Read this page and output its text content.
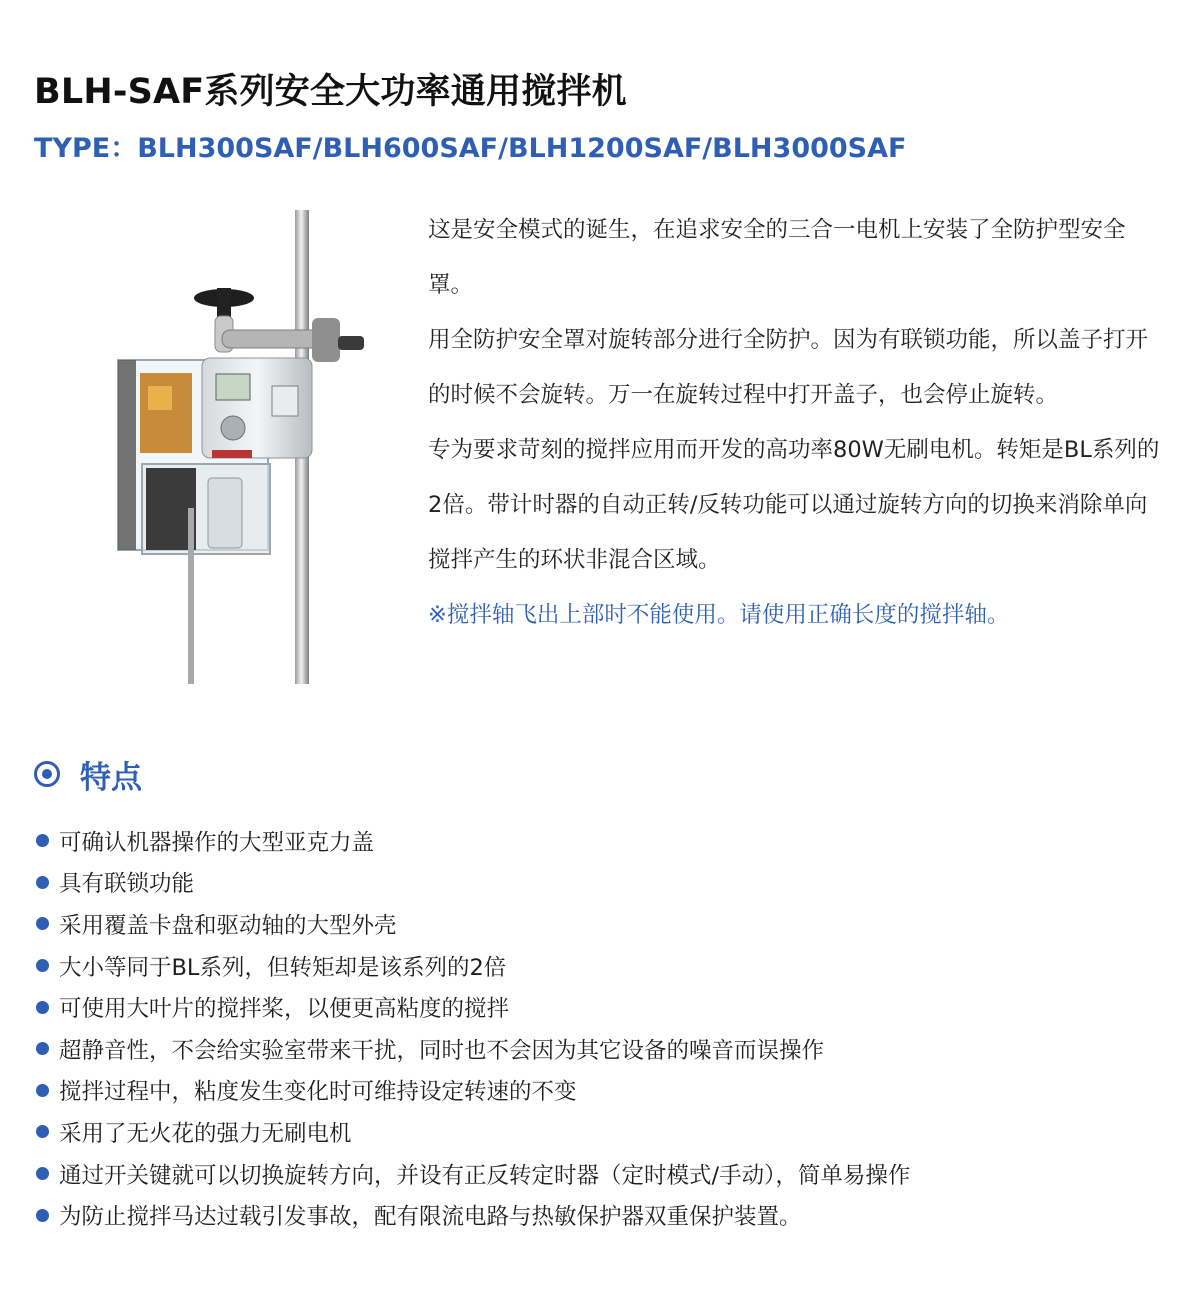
BLH-SAF系列安全大功率通用搅拌机
TYPE：BLH300SAF/BLH600SAF/BLH1200SAF/BLH3000SAF

这是安全模式的诞生，在追求安全的三合一电机上安装了全防护型安全罩。

用全防护安全罩对旋转部分进行全防护。因为有联锁功能，所以盖子打开的时候不会旋转。万一在旋转过程中打开盖子，也会停止旋转。

专为要求苛刻的搅拌应用而开发的高功率80W无刷电机。转矩是BL系列的2倍。带计时器的自动正转/反转功能可以通过旋转方向的切换来消除单向搅拌产生的环状非混合区域。

※搅拌轴飞出上部时不能使用。请使用正确长度的搅拌轴。

特点
可确认机器操作的大型亚克力盖
具有联锁功能
采用覆盖卡盘和驱动轴的大型外壳
大小等同于BL系列，但转矩却是该系列的2倍
可使用大叶片的搅拌桨，以便更高粘度的搅拌
超静音性，不会给实验室带来干扰，同时也不会因为其它设备的噪音而误操作
搅拌过程中，粘度发生变化时可维持设定转速的不变
采用了无火花的强力无刷电机
通过开关键就可以切换旋转方向，并设有正反转定时器（定时模式/手动），简单易操作
为防止搅拌马达过载引发事故，配有限流电路与热敏保护器双重保护装置。
